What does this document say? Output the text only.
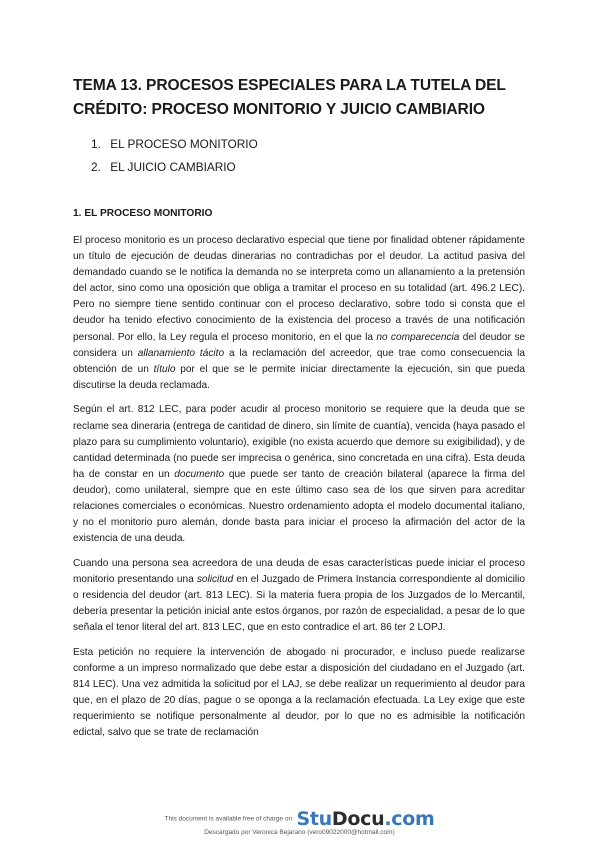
TEMA 13. PROCESOS ESPECIALES PARA LA TUTELA DEL CRÉDITO: PROCESO MONITORIO Y JUICIO CAMBIARIO
1. EL PROCESO MONITORIO
2. EL JUICIO CAMBIARIO
1. EL PROCESO MONITORIO

El proceso monitorio es un proceso declarativo especial que tiene por finalidad obtener rápidamente un título de ejecución de deudas dinerarias no contradichas por el deudor. La actitud pasiva del demandado cuando se le notifica la demanda no se interpreta como un allanamiento a la pretensión del actor, sino como una oposición que obliga a tramitar el proceso en su totalidad (art. 496.2 LEC). Pero no siempre tiene sentido continuar con el proceso declarativo, sobre todo si consta que el deudor ha tenido efectivo conocimiento de la existencia del proceso a través de una notificación personal. Por ello, la Ley regula el proceso monitorio, en el que la no comparecencia del deudor se considera un allanamiento tácito a la reclamación del acreedor, que trae como consecuencia la obtención de un título por el que se le permite iniciar directamente la ejecución, sin que pueda discutirse la deuda reclamada.

Según el art. 812 LEC, para poder acudir al proceso monitorio se requiere que la deuda que se reclame sea dineraria (entrega de cantidad de dinero, sin límite de cuantía), vencida (haya pasado el plazo para su cumplimiento voluntario), exigible (no exista acuerdo que demore su exigibilidad), y de cantidad determinada (no puede ser imprecisa o genérica, sino concretada en una cifra). Esta deuda ha de constar en un documento que puede ser tanto de creación bilateral (aparece la firma del deudor), como unilateral, siempre que en este último caso sea de los que sirven para acreditar relaciones comerciales o económicas. Nuestro ordenamiento adopta el modelo documental italiano, y no el monitorio puro alemán, donde basta para iniciar el proceso la afirmación del actor de la existencia de una deuda.

Cuando una persona sea acreedora de una deuda de esas características puede iniciar el proceso monitorio presentando una solicitud en el Juzgado de Primera Instancia correspondiente al domicilio o residencia del deudor (art. 813 LEC). Si la materia fuera propia de los Juzgados de lo Mercantil, debería presentar la petición inicial ante estos órganos, por razón de especialidad, a pesar de lo que señala el tenor literal del art. 813 LEC, que en esto contradice el art. 86 ter 2 LOPJ.

Esta petición no requiere la intervención de abogado ni procurador, e incluso puede realizarse conforme a un impreso normalizado que debe estar a disposición del ciudadano en el Juzgado (art. 814 LEC). Una vez admitida la solicitud por el LAJ, se debe realizar un requerimiento al deudor para que, en el plazo de 20 días, pague o se oponga a la reclamación efectuada. La Ley exige que este requerimiento se notifique personalmente al deudor, por lo que no es admisible la notificación edictal, salvo que se trate de reclamación

This document is available free of charge on StuDocu.com
Descargado por Veronica Bejarano (vero09022000@hotmail.com)
